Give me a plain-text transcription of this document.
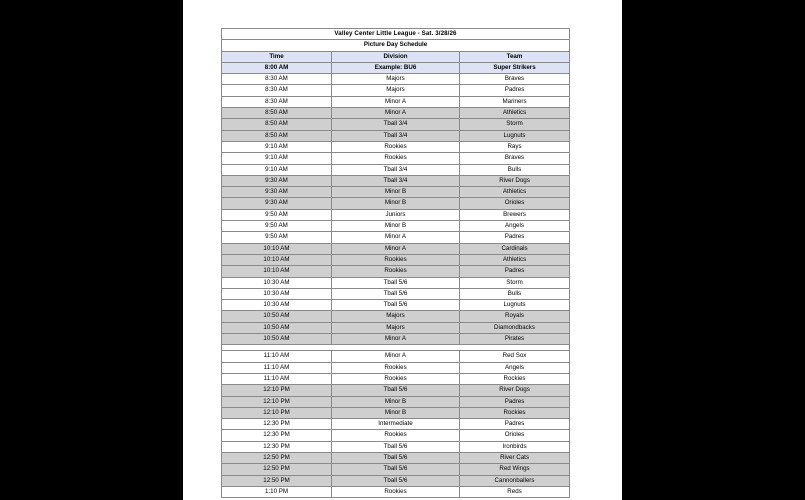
Valley Center Little League - Sat. 3/28/26		
Picture Day Schedule		
Time	Division	Team
8:00 AM	Example: BU6	Super Strikers
8:30 AM	Majors	Braves
8:30 AM	Majors	Padres
8:30 AM	Minor A	Mariners
8:50 AM	Minor A	Athletics
8:50 AM	Tball 3/4	Storm
8:50 AM	Tball 3/4	Lugnuts
9:10 AM	Rookies	Rays
9:10 AM	Rookies	Braves
9:10 AM	Tball 3/4	Bulls
9:30 AM	Tball 3/4	River Dogs
9:30 AM	Minor B	Athletics
9:30 AM	Minor B	Orioles
9:50 AM	Juniors	Brewers
9:50 AM	Minor B	Angels
9:50 AM	Minor A	Padres
10:10 AM	Minor A	Cardinals
10:10 AM	Rookies	Athletics
10:10 AM	Rookies	Padres
10:30 AM	Tball 5/6	Storm
10:30 AM	Tball 5/6	Bulls
10:30 AM	Tball 5/6	Lugnuts
10:50 AM	Majors	Royals
10:50 AM	Majors	Diamondbacks
10:50 AM	Minor A	Pirates

11:10 AM	Minor A	Red Sox
11:10 AM	Rookies	Angels
11:10 AM	Rookies	Rockies
12:10 PM	Tball 5/6	River Dogs
12:10 PM	Minor B	Padres
12:10 PM	Minor B	Rockies
12:30 PM	Intermediate	Padres
12:30 PM	Rookies	Orioles
12:30 PM	Tball 5/6	Ironbirds
12:50 PM	Tball 5/6	River Cats
12:50 PM	Tball 5/6	Red Wings
12:50 PM	Tball 5/6	Cannonballers
1:10 PM	Rookies	Reds
